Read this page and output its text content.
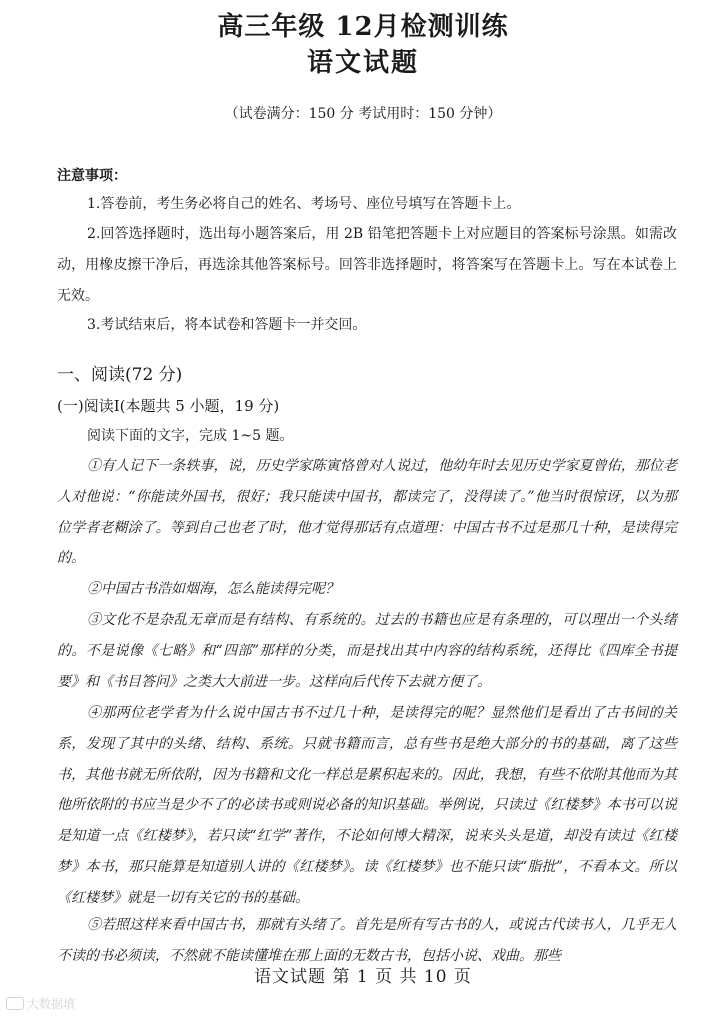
高三年级 12月检测训练
语文试题
（试卷满分：150 分 考试用时：150 分钟）
注意事项：
1.答卷前，考生务必将自己的姓名、考场号、座位号填写在答题卡上。
2.回答选择题时，选出每小题答案后，用 2B 铅笔把答题卡上对应题目的答案标号涂黑。如需改动，用橡皮擦干净后，再选涂其他答案标号。回答非选择题时，将答案写在答题卡上。写在本试卷上无效。
3.考试结束后，将本试卷和答题卡一并交回。
一、阅读(72 分)
(一)阅读Ⅰ(本题共 5 小题，19 分)
阅读下面的文字，完成 1~5 题。
①有人记下一条轶事，说，历史学家陈寅恪曾对人说过，他幼年时去见历史学家夏曾佑，那位老人对他说：“你能读外国书，很好；我只能读中国书，都读完了，没得读了。”他当时很惊讶，以为那位学者老糊涂了。等到自己也老了时，他才觉得那话有点道理：中国古书不过是那几十种，是读得完的。
②中国古书浩如烟海，怎么能读得完呢？
③文化不是杂乱无章而是有结构、有系统的。过去的书籍也应是有条理的，可以理出一个头绪的。不是说像《七略》和“四部”那样的分类，而是找出其中内容的结构系统，还得比《四库全书提要》和《书目答问》之类大大前进一步。这样向后代传下去就方便了。
④那两位老学者为什么说中国古书不过几十种，是读得完的呢？显然他们是看出了古书间的关系，发现了其中的头绪、结构、系统。只就书籍而言，总有些书是绝大部分的书的基础，离了这些书，其他书就无所依附，因为书籍和文化一样总是累积起来的。因此，我想，有些不依附其他而为其他所依附的书应当是少不了的必读书或则说必备的知识基础。举例说，只读过《红楼梦》本书可以说是知道一点《红楼梦》，若只读“红学”著作，不论如何博大精深，说来头头是道，却没有读过《红楼梦》本书，那只能算是知道别人讲的《红楼梦》。读《红楼梦》也不能只读“脂批”，不看本文。所以《红楼梦》就是一切有关它的书的基础。
⑤若照这样来看中国古书，那就有头绪了。首先是所有写古书的人，或说古代读书人，几乎无人不读的书必须读，不然就不能读懂堆在那上面的无数古书，包括小说、戏曲。那些
语文试题 第 1 页 共 10 页
大数据填
